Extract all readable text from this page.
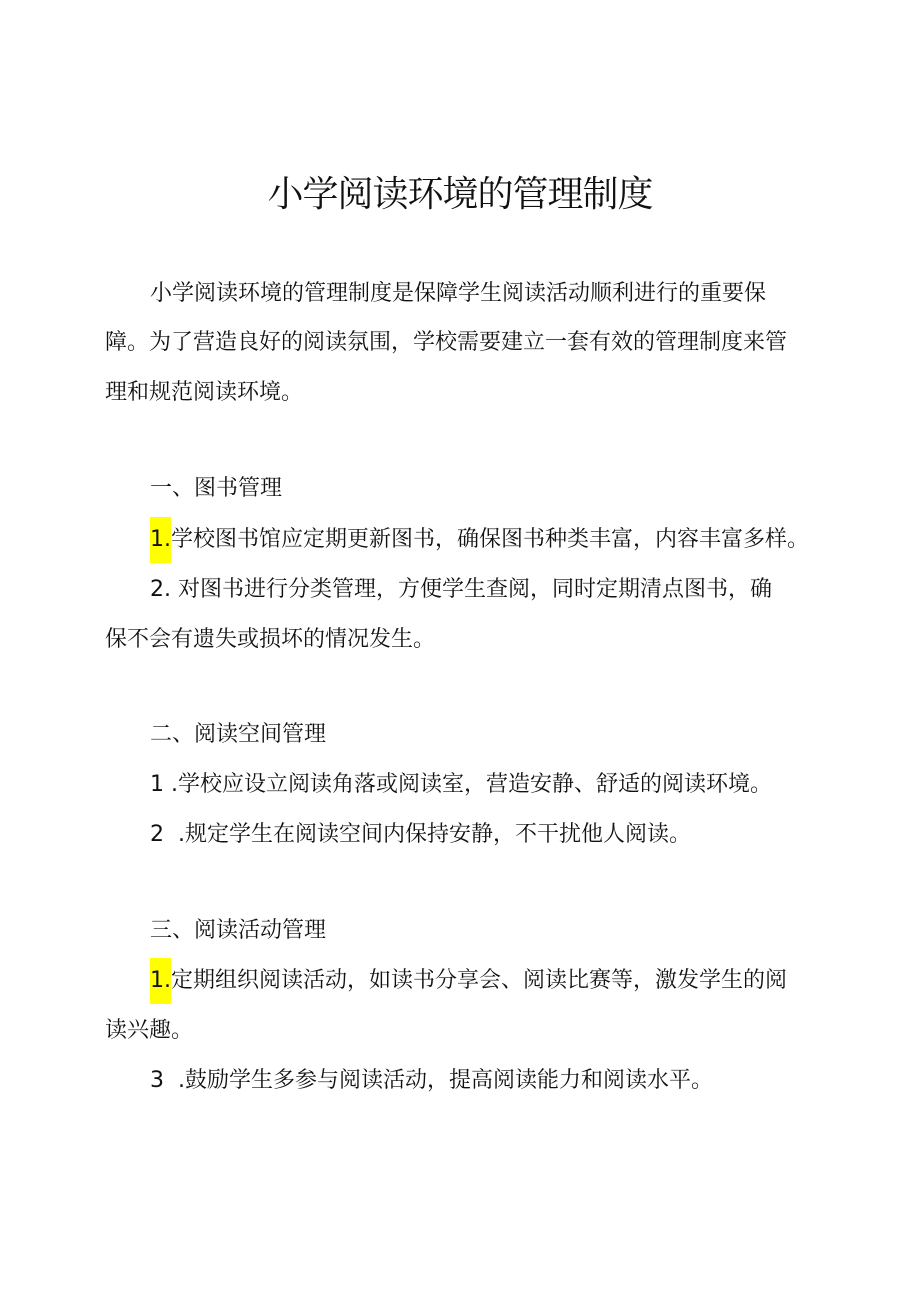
小学阅读环境的管理制度
小学阅读环境的管理制度是保障学生阅读活动顺利进行的重要保
障。为了营造良好的阅读氛围，学校需要建立一套有效的管理制度来管
理和规范阅读环境。
一、图书管理
1.学校图书馆应定期更新图书，确保图书种类丰富，内容丰富多样。
2. 对图书进行分类管理，方便学生查阅，同时定期清点图书，确
保不会有遗失或损坏的情况发生。
二、阅读空间管理
1 .学校应设立阅读角落或阅读室，营造安静、舒适的阅读环境。
2  .规定学生在阅读空间内保持安静，不干扰他人阅读。
三、阅读活动管理
1.定期组织阅读活动，如读书分享会、阅读比赛等，激发学生的阅
读兴趣。
3  .鼓励学生多参与阅读活动，提高阅读能力和阅读水平。
